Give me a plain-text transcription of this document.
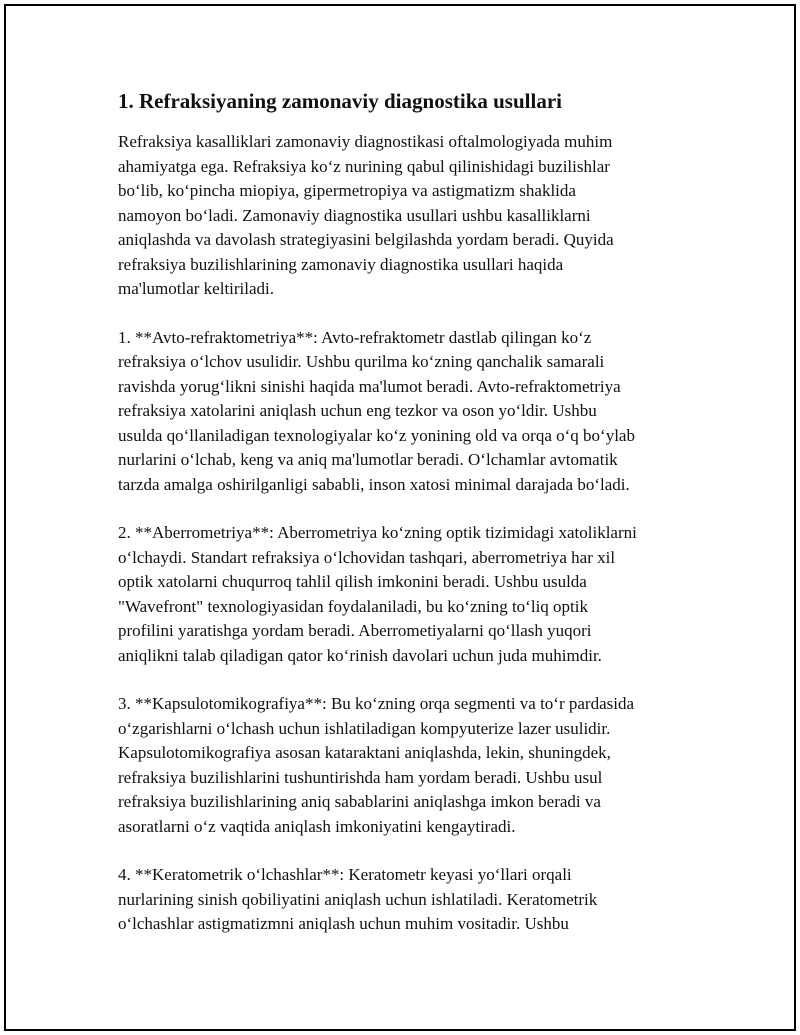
1. Refraksiyaning zamonaviy diagnostika usullari
Refraksiya kasalliklari zamonaviy diagnostikasi oftalmologiyada muhim
ahamiyatga ega. Refraksiya ko‘z nurining qabul qilinishidagi buzilishlar
bo‘lib, ko‘pincha miopiya, gipermetropiya va astigmatizm shaklida
namoyon bo‘ladi. Zamonaviy diagnostika usullari ushbu kasalliklarni
aniqlashda va davolash strategiyasini belgilashda yordam beradi. Quyida
refraksiya buzilishlarining zamonaviy diagnostika usullari haqida
ma'lumotlar keltiriladi.
1. **Avto-refraktometriya**: Avto-refraktometr dastlab qilingan ko‘z
refraksiya o‘lchov usulidir. Ushbu qurilma ko‘zning qanchalik samarali
ravishda yorug‘likni sinishi haqida ma'lumot beradi. Avto-refraktometriya
refraksiya xatolarini aniqlash uchun eng tezkor va oson yo‘ldir. Ushbu
usulda qo‘llaniladigan texnologiyalar ko‘z yonining old va orqa o‘q bo‘ylab
nurlarini o‘lchab, keng va aniq ma'lumotlar beradi. O‘lchamlar avtomatik
tarzda amalga oshirilganligi sababli, inson xatosi minimal darajada bo‘ladi.
2. **Aberrometriya**: Aberrometriya ko‘zning optik tizimidagi xatoliklarni
o‘lchaydi. Standart refraksiya o‘lchovidan tashqari, aberrometriya har xil
optik xatolarni chuqurroq tahlil qilish imkonini beradi. Ushbu usulda
"Wavefront" texnologiyasidan foydalaniladi, bu ko‘zning to‘liq optik
profilini yaratishga yordam beradi. Aberrometiyalarni qo‘llash yuqori
aniqlikni talab qiladigan qator ko‘rinish davolari uchun juda muhimdir.
3. **Kapsulotomikografiya**: Bu ko‘zning orqa segmenti va to‘r pardasida
o‘zgarishlarni o‘lchash uchun ishlatiladigan kompyuterize lazer usulidir.
Kapsulotomikografiya asosan kataraktani aniqlashda, lekin, shuningdek,
refraksiya buzilishlarini tushuntirishda ham yordam beradi. Ushbu usul
refraksiya buzilishlarining aniq sabablarini aniqlashga imkon beradi va
asoratlarni o‘z vaqtida aniqlash imkoniyatini kengaytiradi.
4. **Keratometrik o‘lchashlar**: Keratometr keyasi yo‘llari orqali
nurlarining sinish qobiliyatini aniqlash uchun ishlatiladi. Keratometrik
o‘lchashlar astigmatizmni aniqlash uchun muhim vositadir. Ushbu
